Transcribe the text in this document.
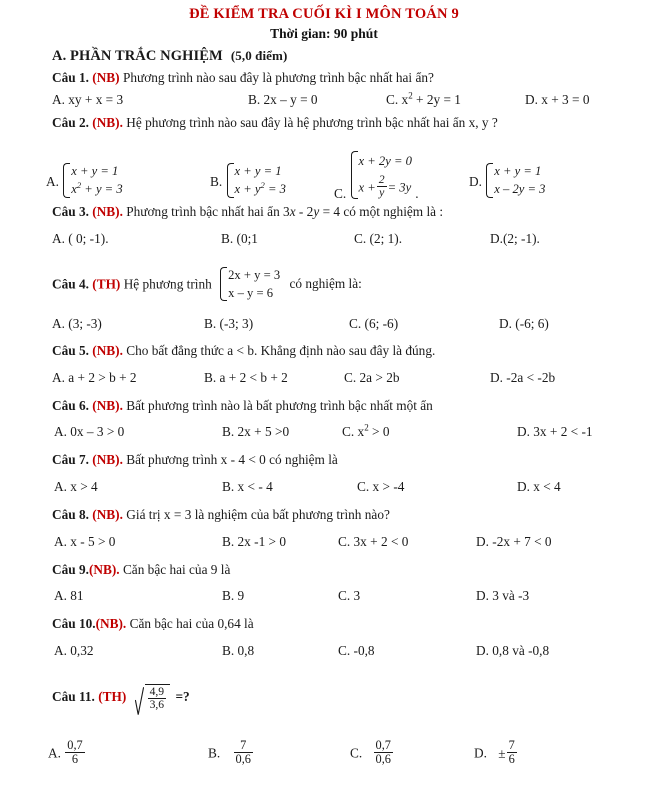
ĐỀ KIỂM TRA CUỐI KÌ I MÔN TOÁN 9
Thời gian: 90 phút
A. PHẦN TRẮC NGHIỆM (5,0 điểm)
Câu 1. (NB) Phương trình nào sau đây là phương trình bậc nhất hai ẩn?
A. xy + x = 3	B. 2x – y = 0	C. $x^2 + 2y = 1$	D. x + 3 = 0
Câu 2. (NB). Hệ phương trình nào sau đây là hệ phương trình bậc nhất hai ẩn x, y ?
A.
x + y = 1
$x^2 + y = 3$
B.
x + y = 1
$x + y^2 = 3$	C.
x + 2y = 0
$x + \frac{2}{y} = 3y$ .
D.
x + y = 1
x – 2y = 3
Câu 3. (NB). Phương trình bậc nhất hai ẩn 3x - 2y = 4 có một nghiệm là :
A. ( 0; -1).	B. (0;1	C. (2; 1).	D.(2; -1).
Câu 4. (TH) Hệ phương trình
2x + y = 3
x – y = 6
có nghiệm là:
A. (3; -3)	B. (-3; 3)	C. (6; -6)	D. (-6; 6)
Câu 5. (NB). Cho bất đẳng thức a < b. Khẳng định nào sau đây là đúng.
A. a + 2 > b + 2	B. a + 2 < b + 2	C. 2a > 2b	D. -2a < -2b
Câu 6. (NB). Bất phương trình nào là bất phương trình bậc nhất một ẩn
A. 0x – 3 > 0	B. 2x + 5 >0	C. $x^2 > 0$	D. 3x + 2 < -1
Câu 7. (NB). Bất phương trình x - 4 < 0 có nghiệm là
A. x > 4	B. x < - 4	C. x > -4	D. x < 4
Câu 8. (NB). Giá trị x = 3 là nghiệm của bất phương trình nào?
A. x - 5 > 0	B. 2x -1 > 0	C. 3x + 2 < 0	D. -2x + 7 < 0
Câu 9.(NB). Căn bậc hai của 9 là
A. 81	B. 9	C. 3	D. 3 và -3
Câu 10.(NB). Căn bậc hai của 0,64 là
A. 0,32	B. 0,8	C. -0,8	D. 0,8 và -0,8
Câu 11. $(TH) \frac{4,9}{3,6}$ =?
A. $\frac{0,7}{6}$	B. $\frac{7}{0,6}$	C. $\frac{0,7}{0,6}$	D. ± $\frac{7}{6}$
